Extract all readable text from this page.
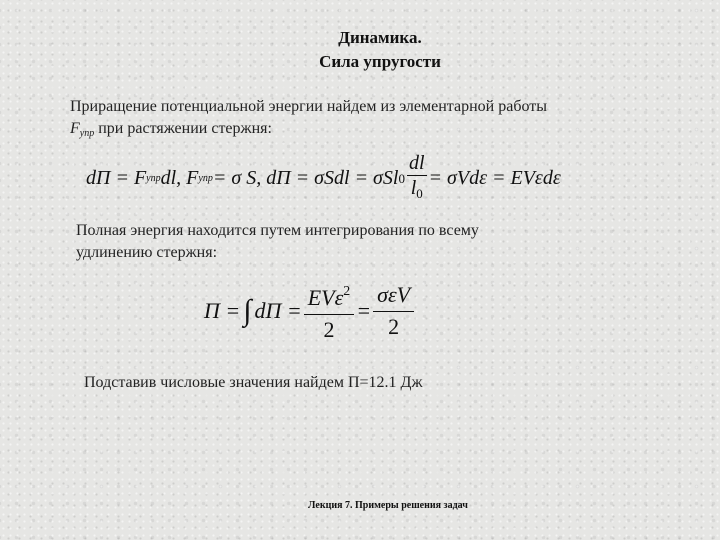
Динамика.
Сила упругости
Приращение потенциальной энергии найдем из элементарной работы
$F_{упр}$ при растяжении стержня:
dП = F упр dl, F упр = σ S, dП = σSdl = σSl $0 \frac{dl}{l_0} = \sigma Vd\varepsilon = EV\varepsilon d\varepsilon$
Полная энергия находится путем интегрирования по всему
удлинению стержня:
П = ∫ dП = $\frac{EV\varepsilon^2}{2} = \frac{\text{σεV}}{2}$
Подставив числовые значения найдем П=12.1 Дж
Лекция 7. Примеры решения задач
